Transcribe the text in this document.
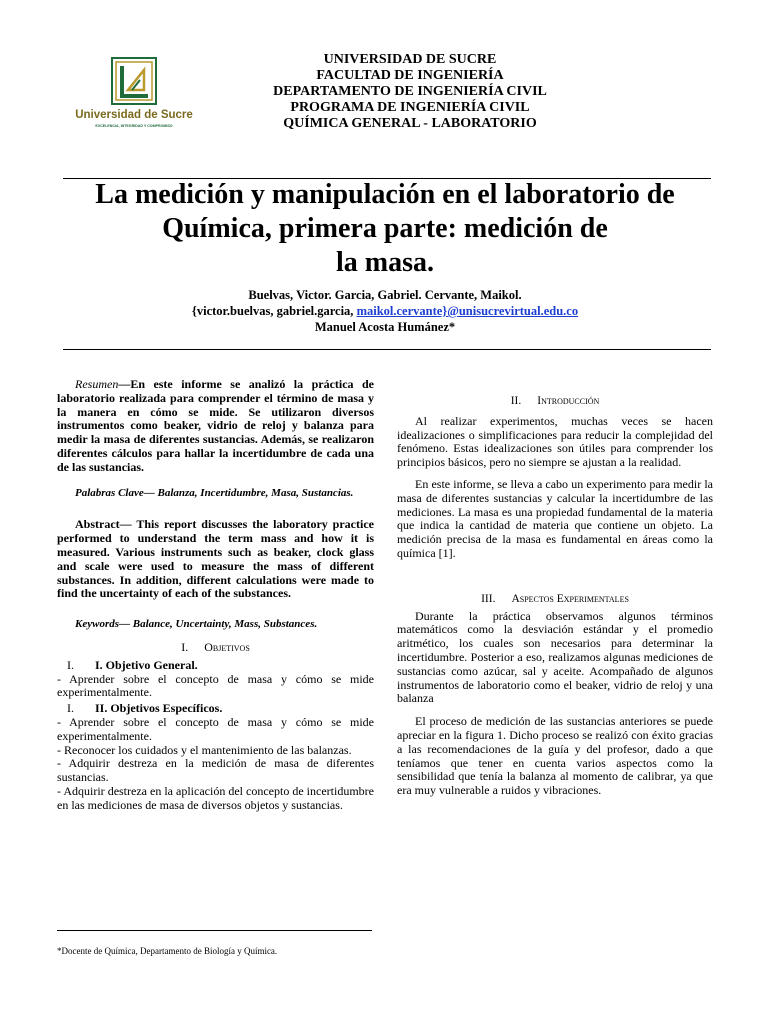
Universidad de Sucre
EXCELENCIA, INTEGRIDAD Y COMPROMISO
UNIVERSIDAD DE SUCRE
FACULTAD DE INGENIERÍA
DEPARTAMENTO DE INGENIERÍA CIVIL
PROGRAMA DE INGENIERÍA CIVIL
QUÍMICA GENERAL - LABORATORIO
La medición y manipulación en el laboratorio de
Química, primera parte: medición de
la masa.
Buelvas, Victor. Garcia, Gabriel. Cervante, Maikol.
{victor.buelvas, gabriel.garcia, maikol.cervante}@unisucrevirtual.edu.co
Manuel Acosta Humánez*

Resumen—En este informe se analizó la práctica de laboratorio realizada para comprender el término de masa y la manera en cómo se mide. Se utilizaron diversos instrumentos como beaker, vidrio de reloj y balanza para medir la masa de diferentes sustancias. Además, se realizaron diferentes cálculos para hallar la incertidumbre de cada una de las sustancias.

Palabras Clave— Balanza, Incertidumbre, Masa, Sustancias.

Abstract— This report discusses the laboratory practice performed to understand the term mass and how it is measured. Various instruments such as beaker, clock glass and scale were used to measure the mass of different substances. In addition, different calculations were made to find the uncertainty of each of the substances.

Keywords— Balance, Uncertainty, Mass, Substances.

I. Objetivos
I. I. Objetivo General.

- Aprender sobre el concepto de masa y cómo se mide experimentalmente.

I. II. Objetivos Específicos.

- Aprender sobre el concepto de masa y cómo se mide experimentalmente.

- Reconocer los cuidados y el mantenimiento de las balanzas.

- Adquirir destreza en la medición de masa de diferentes sustancias.

- Adquirir destreza en la aplicación del concepto de incertidumbre en las mediciones de masa de diversos objetos y sustancias.

II. Introducción

Al realizar experimentos, muchas veces se hacen idealizaciones o simplificaciones para reducir la complejidad del fenómeno. Estas idealizaciones son útiles para comprender los principios básicos, pero no siempre se ajustan a la realidad.

En este informe, se lleva a cabo un experimento para medir la masa de diferentes sustancias y calcular la incertidumbre de las mediciones. La masa es una propiedad fundamental de la materia que indica la cantidad de materia que contiene un objeto. La medición precisa de la masa es fundamental en áreas como la química [1].

III. Aspectos Experimentales

Durante la práctica observamos algunos términos matemáticos como la desviación estándar y el promedio aritmético, los cuales son necesarios para determinar la incertidumbre. Posterior a eso, realizamos algunas mediciones de sustancias como azúcar, sal y aceite. Acompañado de algunos instrumentos de laboratorio como el beaker, vidrio de reloj y una balanza

El proceso de medición de las sustancias anteriores se puede apreciar en la figura 1. Dicho proceso se realizó con éxito gracias a las recomendaciones de la guía y del profesor, dado a que teníamos que tener en cuenta varios aspectos como la sensibilidad que tenía la balanza al momento de calibrar, ya que era muy vulnerable a ruidos y vibraciones.

*Docente de Química, Departamento de Biología y Química.
